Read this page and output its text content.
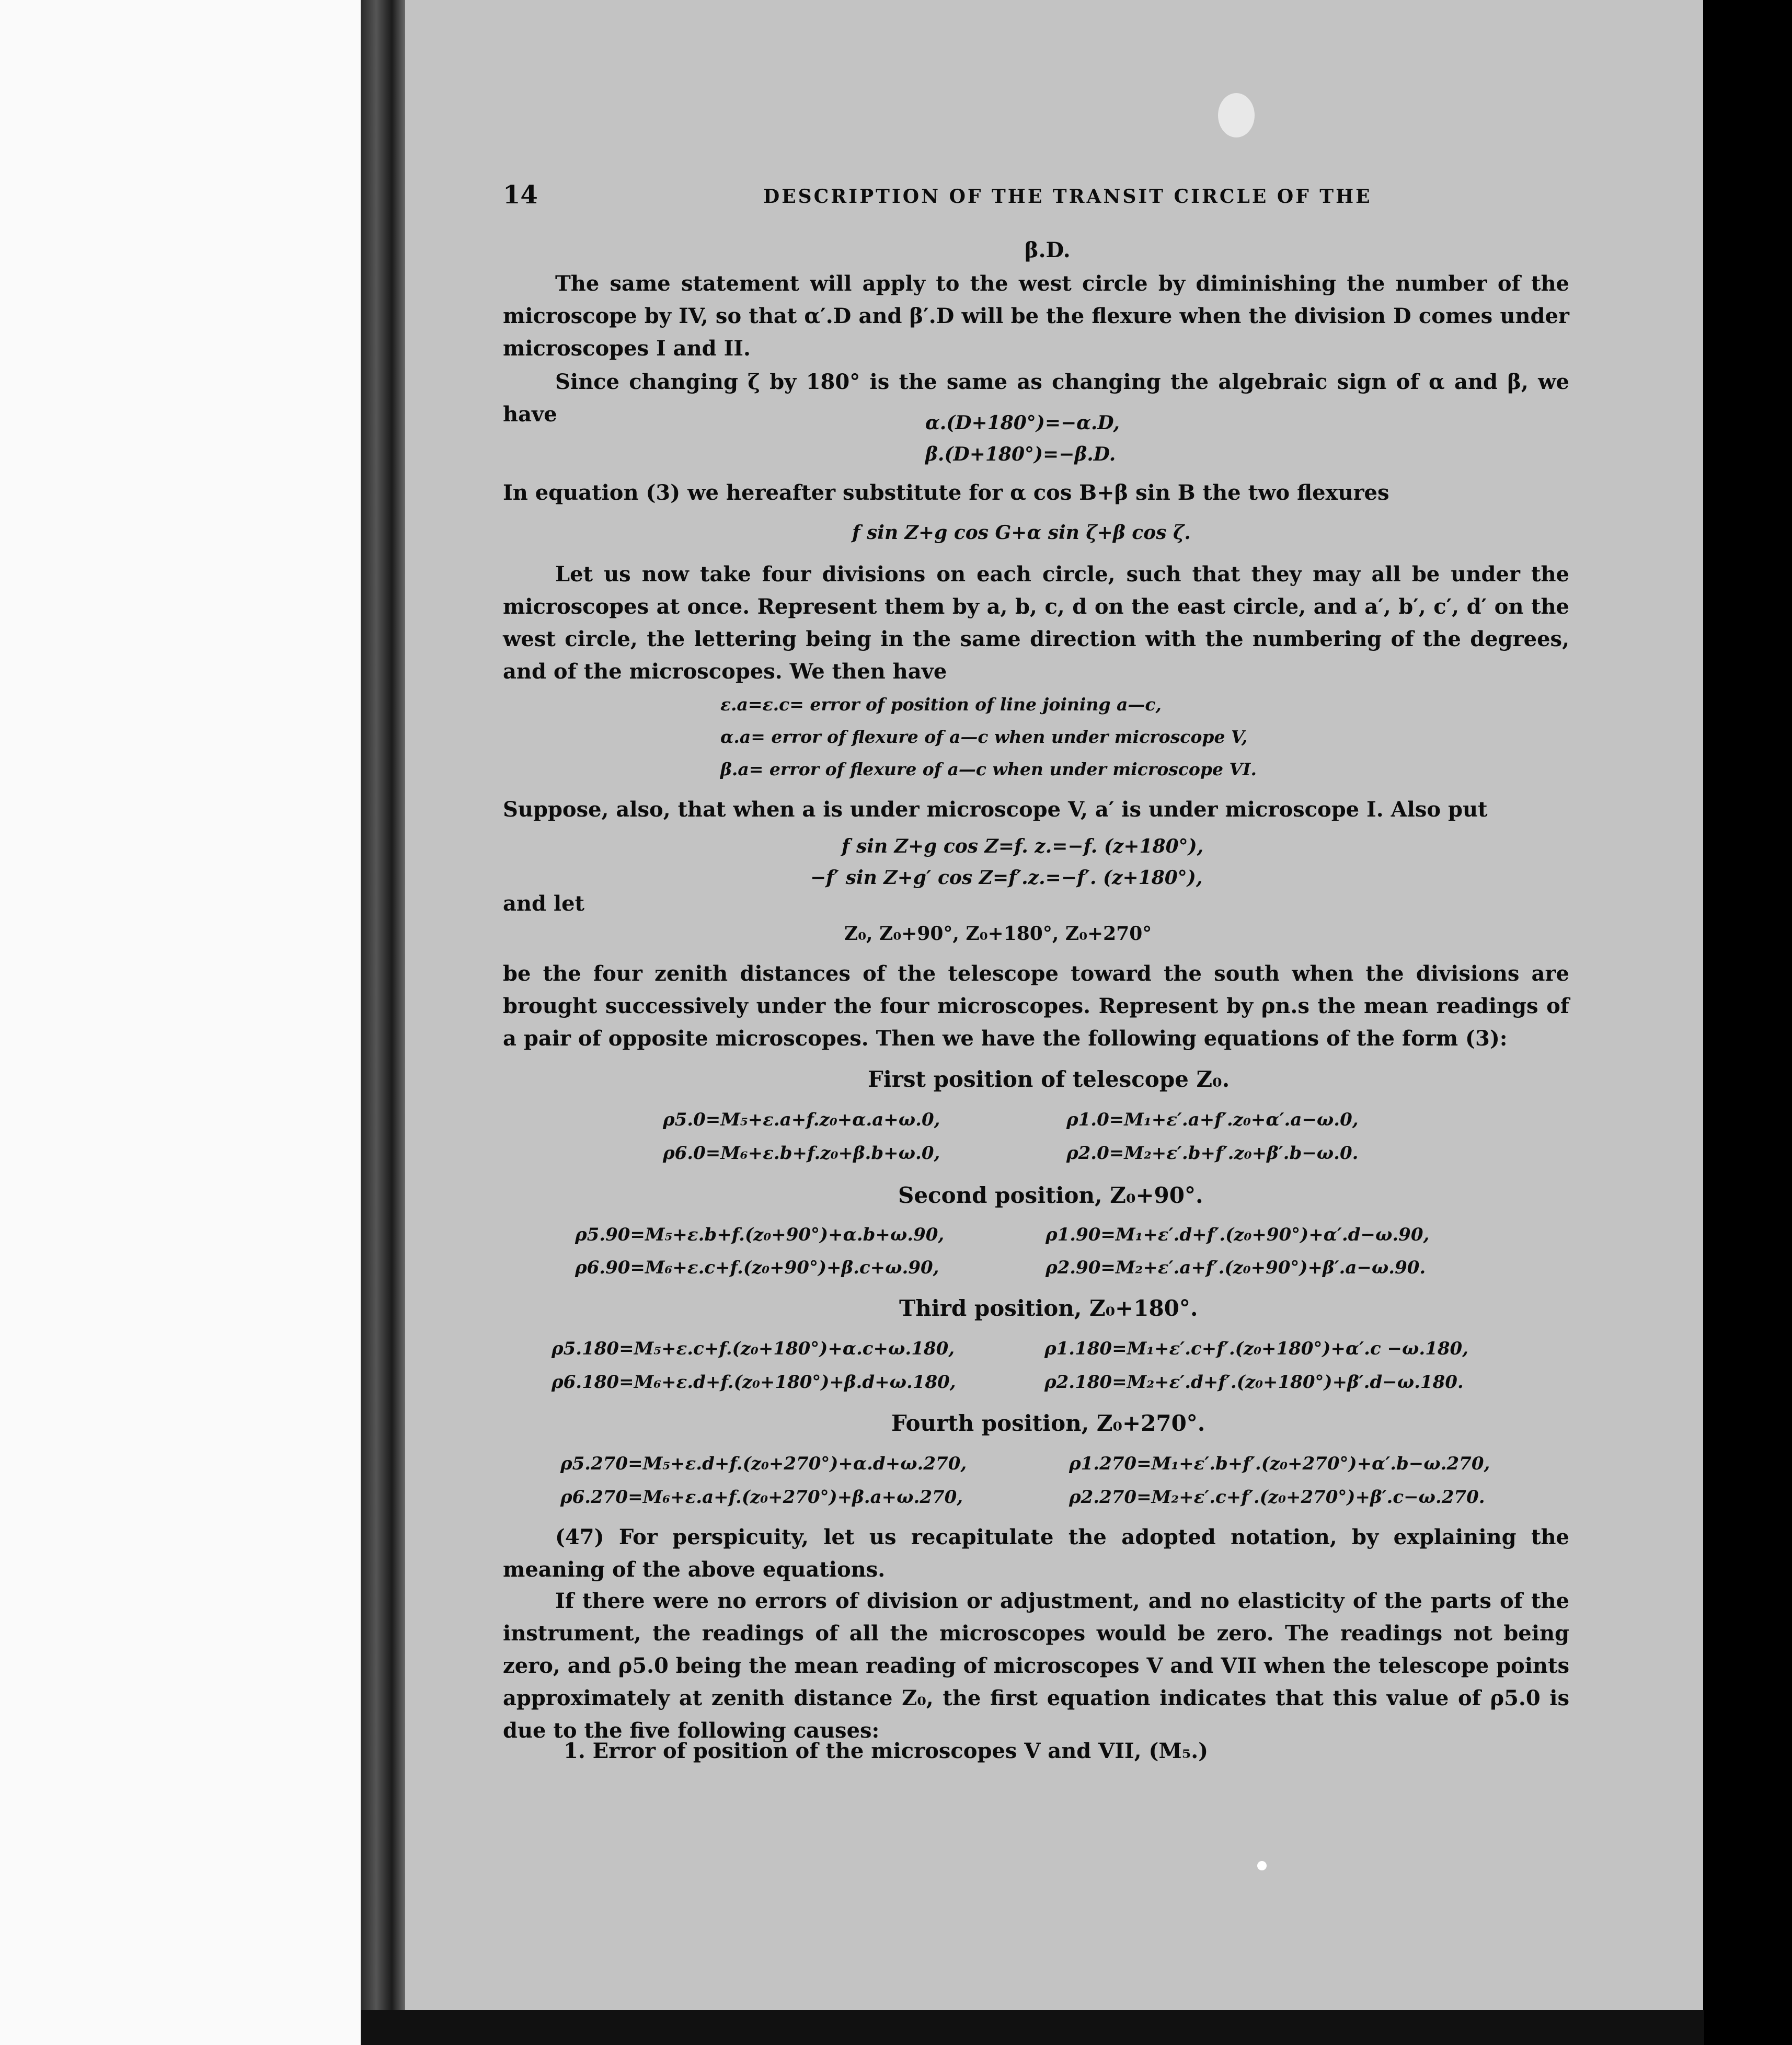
14	DESCRIPTION OF THE TRANSIT CIRCLE OF THE
β.D.
The same statement will apply to the west circle by diminishing the number of the microscope by IV, so that α′.D and β′.D will be the flexure when the division D comes under microscopes I and II.
Since changing ζ by 180° is the same as changing the algebraic sign of α and β, we have	α.(D+180°)=−α.D,
β.(D+180°)=−β.D.
In equation (3) we hereafter substitute for α cos B+β sin B the two flexures
f sin Z+g cos G+α sin ζ+β cos ζ.
Let us now take four divisions on each circle, such that they may all be under the microscopes at once. Represent them by a, b, c, d on the east circle, and a′, b′, c′, d′ on the west circle, the lettering being in the same direction with the numbering of the degrees, and of the microscopes. We then have
ε.a=ε.c= error of position of line joining a—c,
α.a= error of flexure of a—c when under microscope V,
β.a= error of flexure of a—c when under microscope VI.
Suppose, also, that when a is under microscope V, a′ is under microscope I. Also put
f sin Z+g cos Z=f. z.=−f. (z+180°),
−f′ sin Z+g′ cos Z=f′.z.=−f′. (z+180°),
and let
Z₀, Z₀+90°, Z₀+180°, Z₀+270°
be the four zenith distances of the telescope toward the south when the divisions are brought successively under the four microscopes. Represent by ρn.s the mean readings of a pair of opposite microscopes. Then we have the following equations of the form (3):
First position of telescope Z₀.
ρ5.0=M₅+ε.a+f.z₀+α.a+ω.0,	ρ1.0=M₁+ε′.a+f′.z₀+α′.a−ω.0,
ρ6.0=M₆+ε.b+f.z₀+β.b+ω.0,	ρ2.0=M₂+ε′.b+f′.z₀+β′.b−ω.0.
Second position, Z₀+90°.
ρ5.90=M₅+ε.b+f.(z₀+90°)+α.b+ω.90,	ρ1.90=M₁+ε′.d+f′.(z₀+90°)+α′.d−ω.90,
ρ6.90=M₆+ε.c+f.(z₀+90°)+β.c+ω.90,	ρ2.90=M₂+ε′.a+f′.(z₀+90°)+β′.a−ω.90.
Third position, Z₀+180°.
ρ5.180=M₅+ε.c+f.(z₀+180°)+α.c+ω.180,	ρ1.180=M₁+ε′.c+f′.(z₀+180°)+α′.c −ω.180,
ρ6.180=M₆+ε.d+f.(z₀+180°)+β.d+ω.180,	ρ2.180=M₂+ε′.d+f′.(z₀+180°)+β′.d−ω.180.
Fourth position, Z₀+270°.
ρ5.270=M₅+ε.d+f.(z₀+270°)+α.d+ω.270,	ρ1.270=M₁+ε′.b+f′.(z₀+270°)+α′.b−ω.270,
ρ6.270=M₆+ε.a+f.(z₀+270°)+β.a+ω.270,	ρ2.270=M₂+ε′.c+f′.(z₀+270°)+β′.c−ω.270.
(47) For perspicuity, let us recapitulate the adopted notation, by explaining the meaning of the above equations.
If there were no errors of division or adjustment, and no elasticity of the parts of the instrument, the readings of all the microscopes would be zero. The readings not being zero, and ρ5.0 being the mean reading of microscopes V and VII when the telescope points approximately at zenith distance Z₀, the first equation indicates that this value of ρ5.0 is due to the five following causes:
1. Error of position of the microscopes V and VII, (M₅.)
